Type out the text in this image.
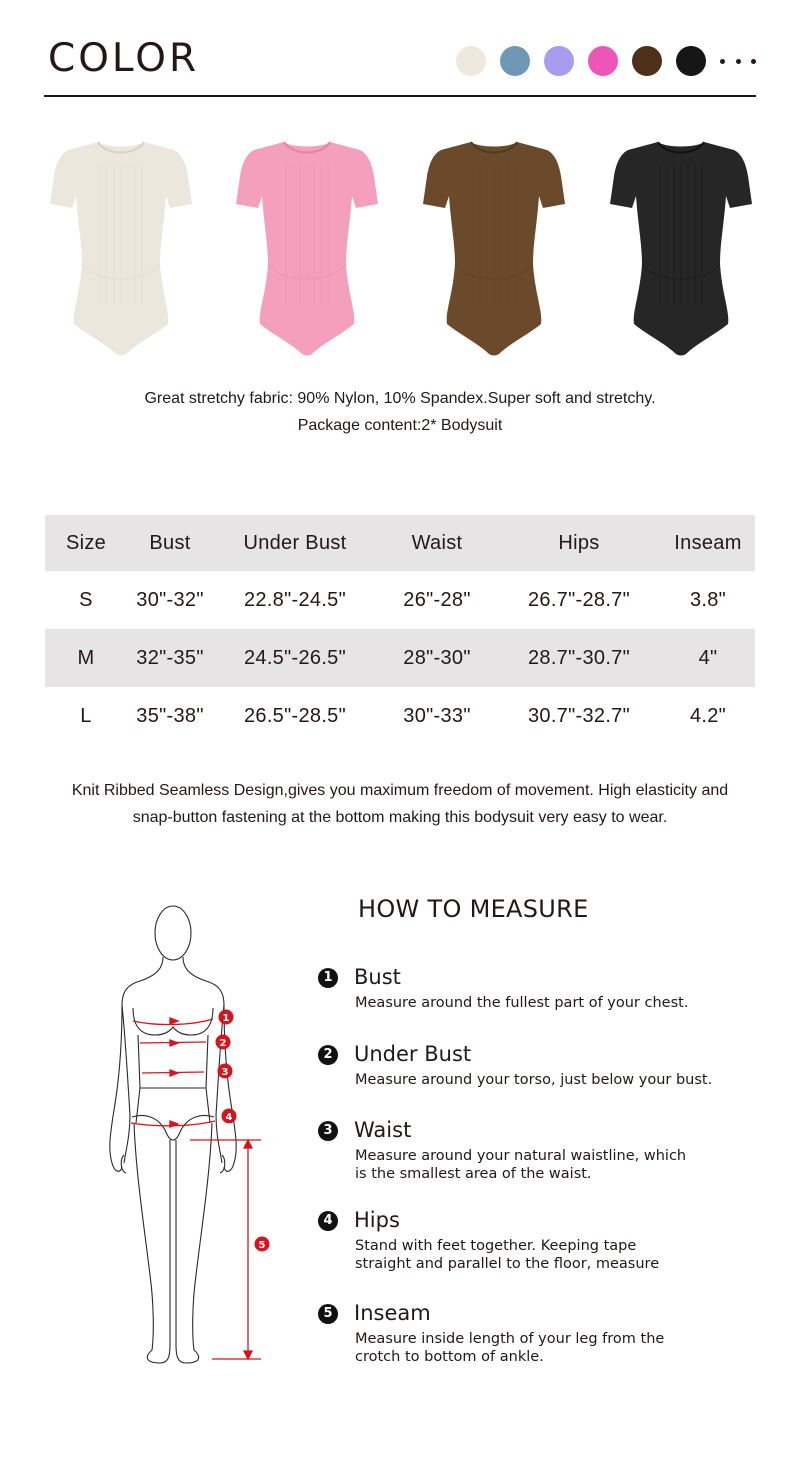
COLOR
Great stretchy fabric: 90% Nylon, 10% Spandex.Super soft and stretchy.
Package content:2* Bodysuit
Size	Bust	Under Bust	Waist	Hips	Inseam
S	30"-32"	22.8"-24.5"	26"-28"	26.7"-28.7"	3.8"
M	32"-35"	24.5"-26.5"	28"-30"	28.7"-30.7"	4"
L	35"-38"	26.5"-28.5"	30"-33"	30.7"-32.7"	4.2"
Knit Ribbed Seamless Design,gives you maximum freedom of movement. High elasticity and
snap-button fastening at the bottom making this bodysuit very easy to wear.
1
2
3
4
5
HOW TO MEASURE
1 Bust
Measure around the fullest part of your chest.
2 Under Bust
Measure around your torso, just below your bust.
3 Waist
Measure around your natural waistline, which is the smallest area of the waist.
4 Hips
Stand with feet together. Keeping tape straight and parallel to the floor, measure
5 Inseam
Measure inside length of your leg from the crotch to bottom of ankle.
